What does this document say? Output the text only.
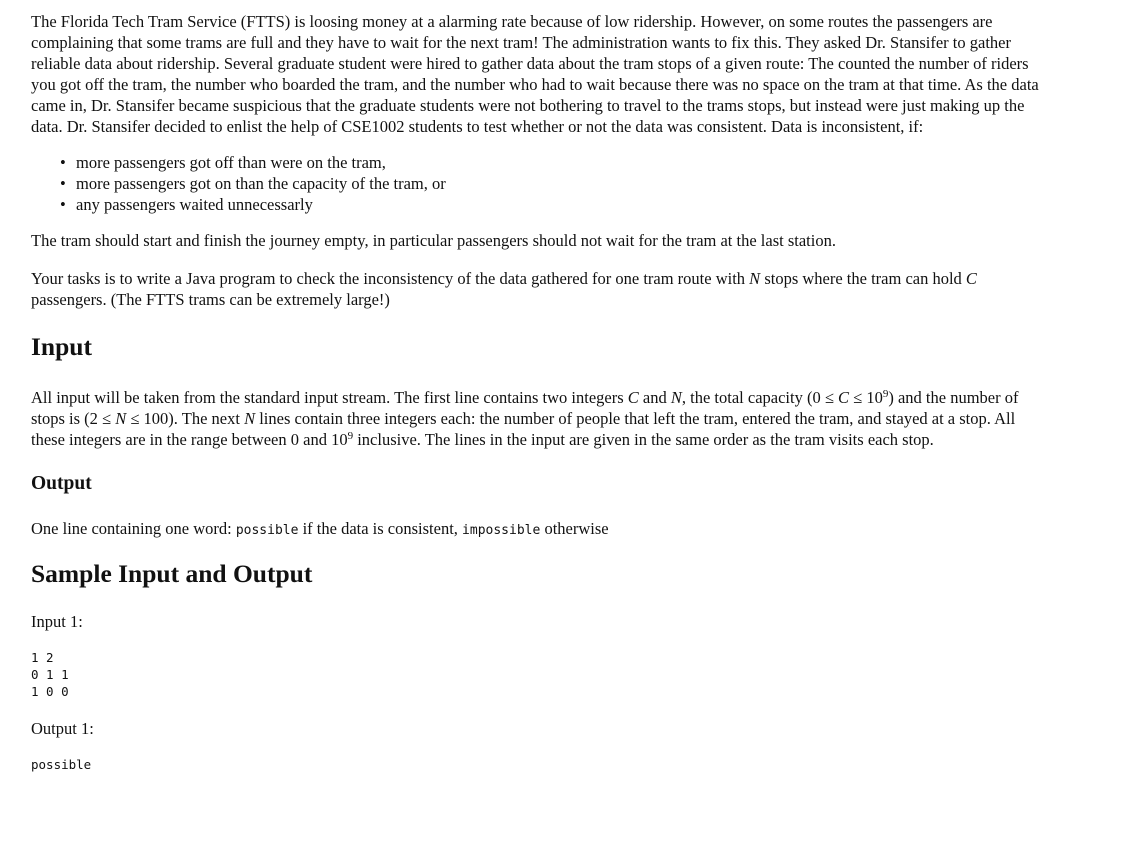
The Florida Tech Tram Service (FTTS) is loosing money at a alarming rate because of low ridership. However, on some routes the passengers are complaining that some trams are full and they have to wait for the next tram! The administration wants to fix this. They asked Dr. Stansifer to gather reliable data about ridership. Several graduate student were hired to gather data about the tram stops of a given route: The counted the number of riders you got off the tram, the number who boarded the tram, and the number who had to wait because there was no space on the tram at that time. As the data came in, Dr. Stansifer became suspicious that the graduate students were not bothering to travel to the trams stops, but instead were just making up the data. Dr. Stansifer decided to enlist the help of CSE1002 students to test whether or not the data was consistent. Data is inconsistent, if:

• more passengers got off than were on the tram,
• more passengers got on than the capacity of the tram, or
• any passengers waited unnecessarly

The tram should start and finish the journey empty, in particular passengers should not wait for the tram at the last station.

Your tasks is to write a Java program to check the inconsistency of the data gathered for one tram route with N stops where the tram can hold C passengers. (The FTTS trams can be extremely large!)

Input

All input will be taken from the standard input stream. The first line contains two integers C and N, the total capacity $(0 \le C \le 10^9)$ and the number of stops is (2 ≤ N ≤ 100). The next N lines contain three integers each: the number of people that left the tram, entered the tram, and stayed at a stop. All these integers are in the range between 0 and $10^9$ inclusive. The lines in the input are given in the same order as the tram visits each stop.

Output

One line containing one word: possible if the data is consistent, impossible otherwise

Sample Input and Output

Input 1:

1 2
0 1 1
1 0 0

Output 1:

possible
